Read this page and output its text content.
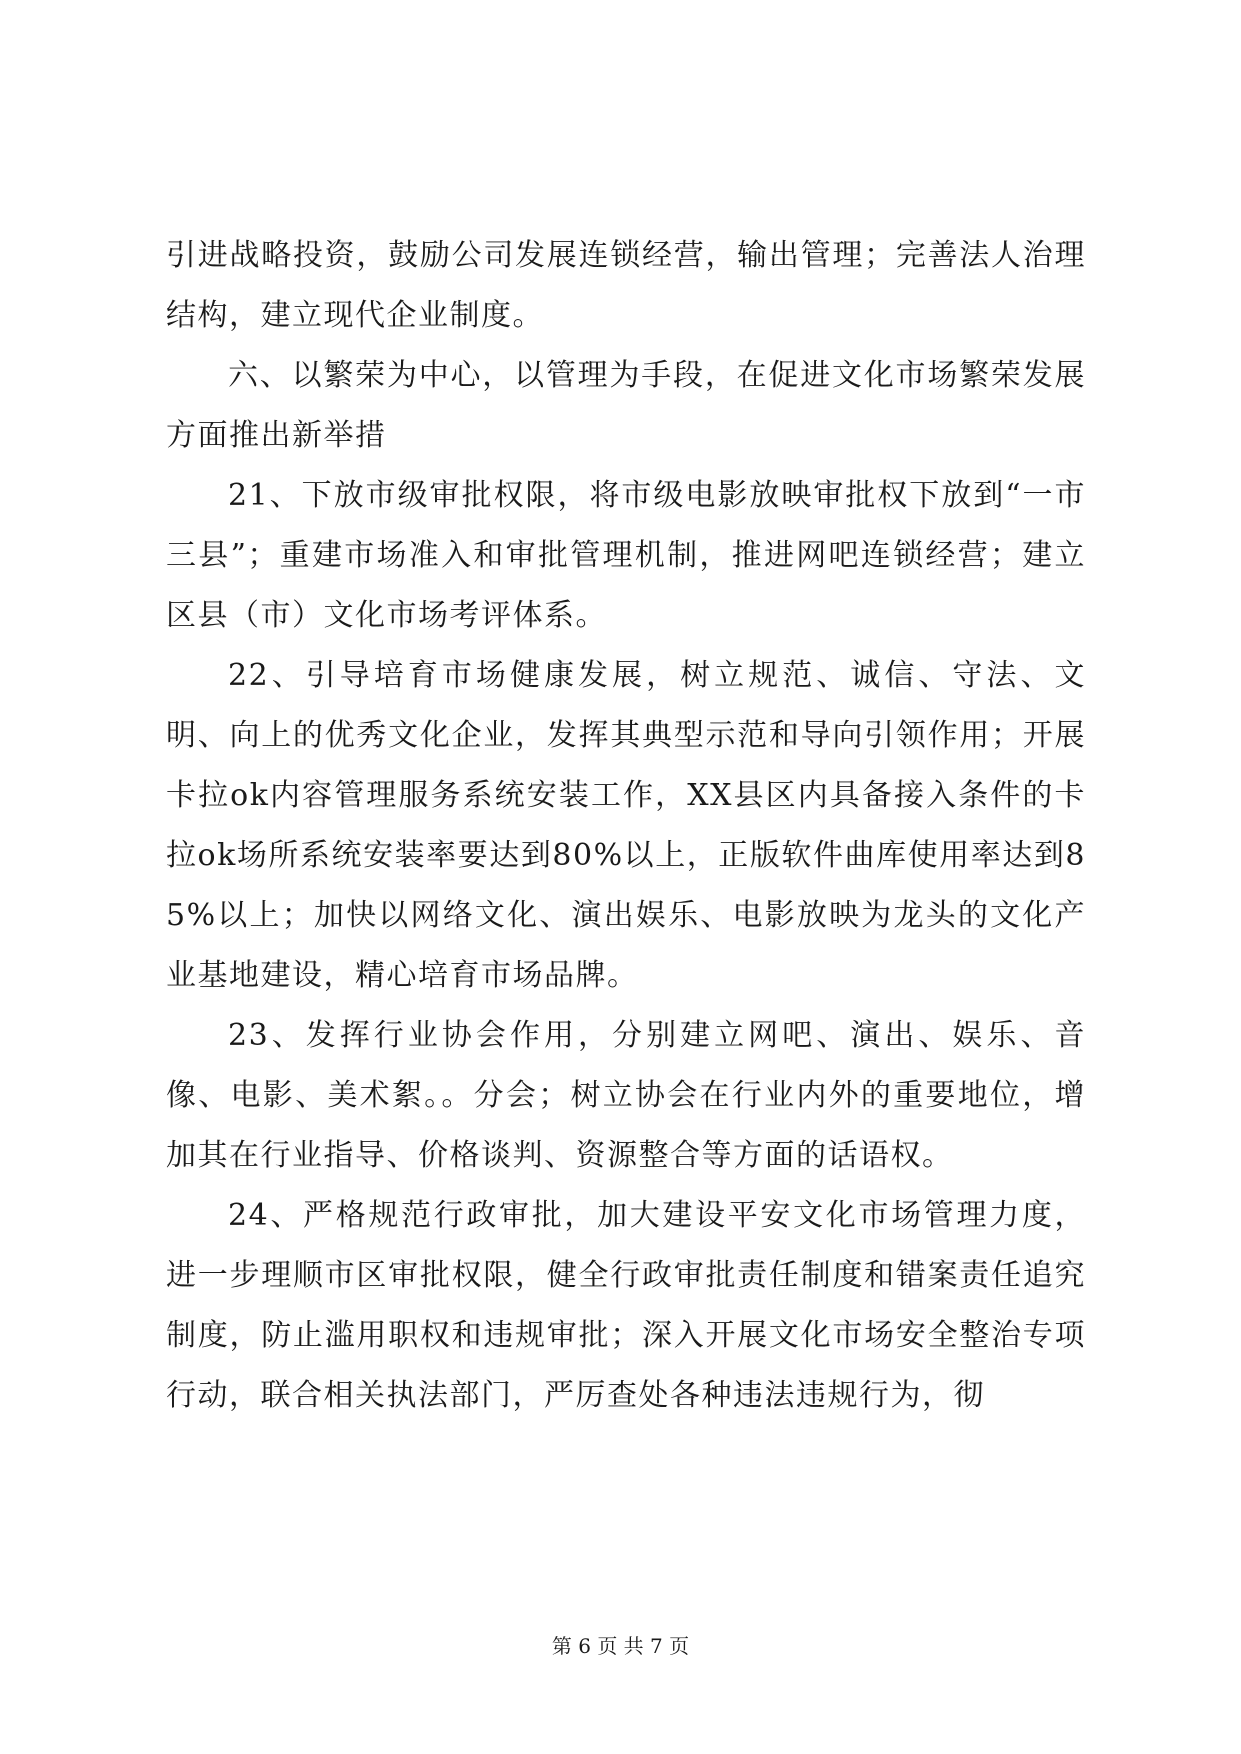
引进战略投资，鼓励公司发展连锁经营，输出管理；完善法人治理结构，建立现代企业制度。

六、以繁荣为中心，以管理为手段，在促进文化市场繁荣发展方面推出新举措

21、下放市级审批权限，将市级电影放映审批权下放到“一市三县”；重建市场准入和审批管理机制，推进网吧连锁经营；建立区县（市）文化市场考评体系。

22、引导培育市场健康发展，树立规范、诚信、守法、文明、向上的优秀文化企业，发挥其典型示范和导向引领作用；开展卡拉ok内容管理服务系统安装工作，XX县区内具备接入条件的卡拉ok场所系统安装率要达到80%以上，正版软件曲库使用率达到85%以上；加快以网络文化、演出娱乐、电影放映为龙头的文化产业基地建设，精心培育市场品牌。

23、发挥行业协会作用，分别建立网吧、演出、娱乐、音像、电影、美术絮。。分会；树立协会在行业内外的重要地位，增加其在行业指导、价格谈判、资源整合等方面的话语权。

24、严格规范行政审批，加大建设平安文化市场管理力度，进一步理顺市区审批权限，健全行政审批责任制度和错案责任追究制度，防止滥用职权和违规审批；深入开展文化市场安全整治专项行动，联合相关执法部门，严厉查处各种违法违规行为，彻

第 6 页 共 7 页
